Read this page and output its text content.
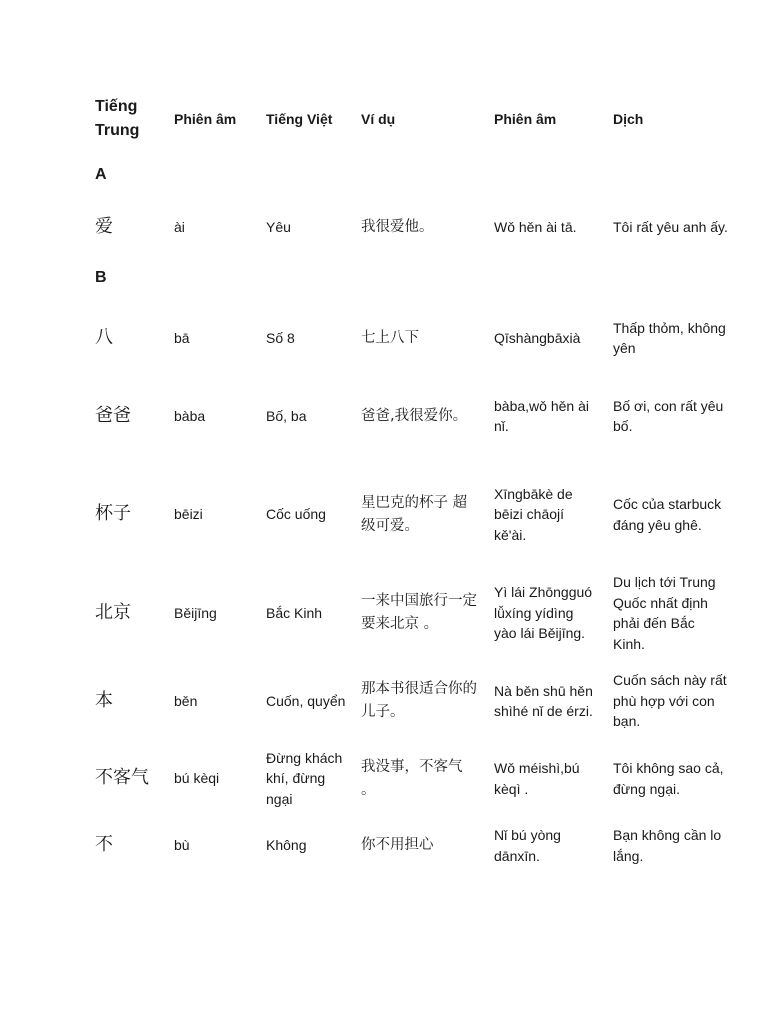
Tiếng Trung	Phiên âm	Tiếng Việt	Ví dụ	Phiên âm	Dịch
A					
爱	ài	Yêu	我很爱他。	Wǒ hěn ài tā.	Tôi rất yêu anh ấy.
B					
八	bā	Số 8	七上八下	Qīshàngbāxià	Thấp thỏm, không yên
爸爸	bàba	Bố, ba	爸爸,我很爱你。	bàba,wǒ hěn ài nǐ.	Bố ơi, con rất yêu bố.
杯子	bēizi	Cốc uống	星巴克的杯子 超级可爱。	Xīngbākè de bēizi chāojí kě'ài.	Cốc của starbuck đáng yêu ghê.
北京	Běijīng	Bắc Kinh	一来中国旅行一定要来北京 。	Yì lái Zhōngguó lǚxíng yídìng yào lái Běijīng.	Du lịch tới Trung Quốc nhất định phải đến Bắc Kinh.
本	běn	Cuốn, quyển	那本书很适合你的儿子。	Nà běn shū hěn shìhé nǐ de érzi.	Cuốn sách này rất phù hợp với con bạn.
不客气	bú kèqi	Đừng khách khí, đừng ngại	我没事，不客气 。	Wǒ méishì,bú kèqì .	Tôi không sao cả, đừng ngại.
不	bù	Không	你不用担心	Nǐ bú yòng dānxīn.	Bạn không cần lo lắng.
